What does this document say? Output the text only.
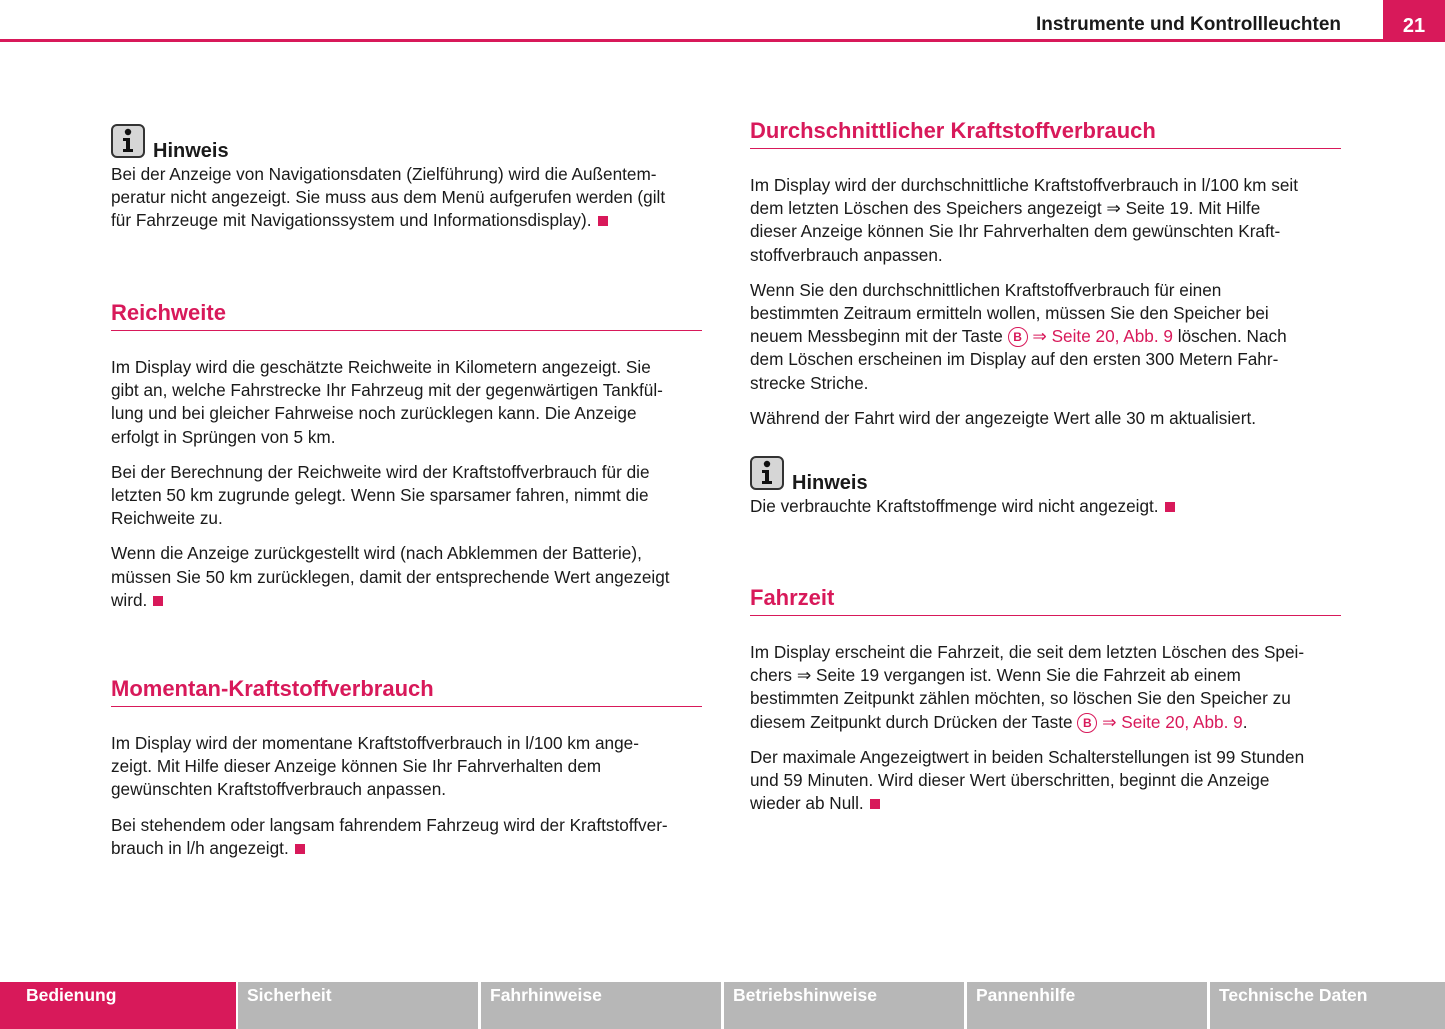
Instrumente und Kontrollleuchten	21
Hinweis

Bei der Anzeige von Navigationsdaten (Zielführung) wird die Außentem-
peratur nicht angezeigt. Sie muss aus dem Menü aufgerufen werden (gilt
für Fahrzeuge mit Navigationssystem und Informationsdisplay).

Reichweite

Im Display wird die geschätzte Reichweite in Kilometern angezeigt. Sie
gibt an, welche Fahrstrecke Ihr Fahrzeug mit der gegenwärtigen Tankfül-
lung und bei gleicher Fahrweise noch zurücklegen kann. Die Anzeige
erfolgt in Sprüngen von 5 km.

Bei der Berechnung der Reichweite wird der Kraftstoffverbrauch für die
letzten 50 km zugrunde gelegt. Wenn Sie sparsamer fahren, nimmt die
Reichweite zu.

Wenn die Anzeige zurückgestellt wird (nach Abklemmen der Batterie),
müssen Sie 50 km zurücklegen, damit der entsprechende Wert angezeigt
wird.

Momentan-Kraftstoffverbrauch

Im Display wird der momentane Kraftstoffverbrauch in l/100 km ange-
zeigt. Mit Hilfe dieser Anzeige können Sie Ihr Fahrverhalten dem
gewünschten Kraftstoffverbrauch anpassen.

Bei stehendem oder langsam fahrendem Fahrzeug wird der Kraftstoffver-
brauch in l/h angezeigt.

Durchschnittlicher Kraftstoffverbrauch

Im Display wird der durchschnittliche Kraftstoffverbrauch in l/100 km seit
dem letzten Löschen des Speichers angezeigt ⇒ Seite 19. Mit Hilfe
dieser Anzeige können Sie Ihr Fahrverhalten dem gewünschten Kraft-
stoffverbrauch anpassen.

Wenn Sie den durchschnittlichen Kraftstoffverbrauch für einen
bestimmten Zeitraum ermitteln wollen, müssen Sie den Speicher bei
neuem Messbeginn mit der Taste B ⇒ Seite 20, Abb. 9 löschen. Nach
dem Löschen erscheinen im Display auf den ersten 300 Metern Fahr-
strecke Striche.

Während der Fahrt wird der angezeigte Wert alle 30 m aktualisiert.

Hinweis

Die verbrauchte Kraftstoffmenge wird nicht angezeigt.

Fahrzeit

Im Display erscheint die Fahrzeit, die seit dem letzten Löschen des Spei-
chers ⇒ Seite 19 vergangen ist. Wenn Sie die Fahrzeit ab einem
bestimmten Zeitpunkt zählen möchten, so löschen Sie den Speicher zu
diesem Zeitpunkt durch Drücken der Taste B ⇒ Seite 20, Abb. 9.

Der maximale Angezeigtwert in beiden Schalterstellungen ist 99 Stunden
und 59 Minuten. Wird dieser Wert überschritten, beginnt die Anzeige
wieder ab Null.

Bedienung	Sicherheit	Fahrhinweise	Betriebshinweise	Pannenhilfe	Technische Daten
